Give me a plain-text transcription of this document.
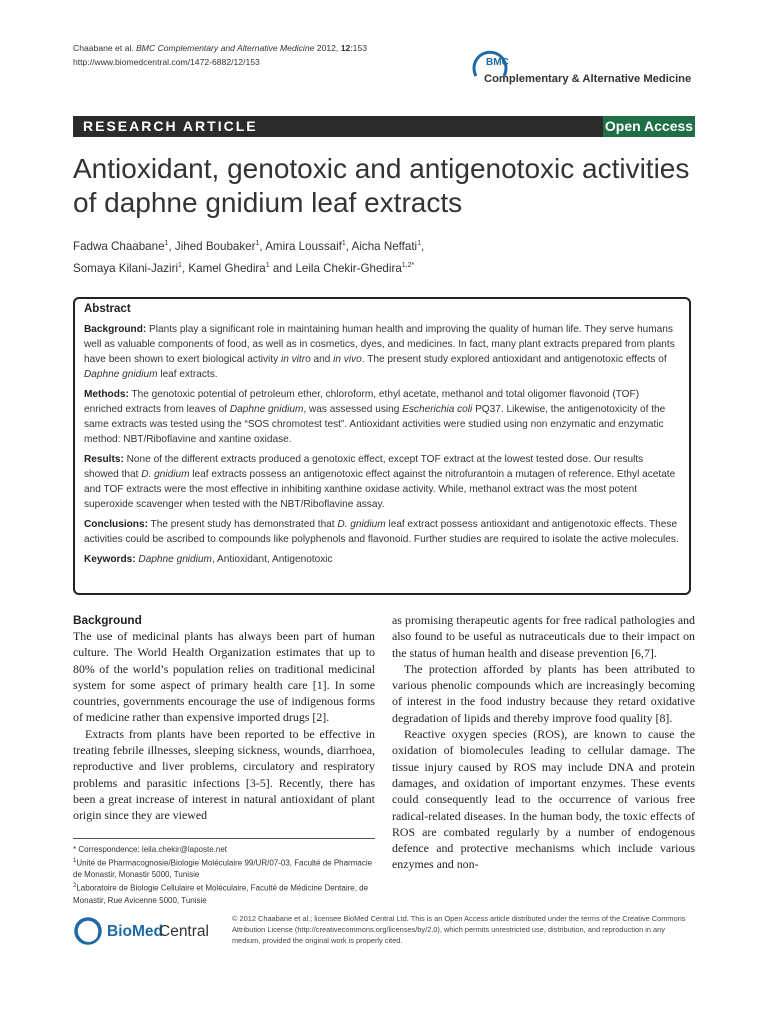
Chaabane et al. BMC Complementary and Alternative Medicine 2012, 12:153
http://www.biomedcentral.com/1472-6882/12/153	BMC
Complementary & Alternative Medicine
RESEARCH ARTICLE	Open Access
Antioxidant, genotoxic and antigenotoxic activities of daphne gnidium leaf extracts
Fadwa Chaabane$^1$, Jihed Boubaker$^1$, Amira Loussaif$^1$, Aicha Neffati$^1$,
Somaya Kilani-Jaziri$^1$, Kamel Ghedira$^1$ and Leila Chekir-Ghedira$^{1,2*}$
Abstract

Background: Plants play a significant role in maintaining human health and improving the quality of human life. They serve humans well as valuable components of food, as well as in cosmetics, dyes, and medicines. In fact, many plant extracts prepared from plants have been shown to exert biological activity in vitro and in vivo. The present study explored antioxidant and antigenotoxic effects of Daphne gnidium leaf extracts.

Methods: The genotoxic potential of petroleum ether, chloroform, ethyl acetate, methanol and total oligomer flavonoid (TOF) enriched extracts from leaves of Daphne gnidium, was assessed using Escherichia coli PQ37. Likewise, the antigenotoxicity of the same extracts was tested using the “SOS chromotest test”. Antioxidant activities were studied using non enzymatic and enzymatic method: NBT/Riboflavine and xantine oxidase.

Results: None of the different extracts produced a genotoxic effect, except TOF extract at the lowest tested dose. Our results showed that D. gnidium leaf extracts possess an antigenotoxic effect against the nitrofurantoin a mutagen of reference. Ethyl acetate and TOF extracts were the most effective in inhibiting xanthine oxidase activity. While, methanol extract was the most potent superoxide scavenger when tested with the NBT/Riboflavine assay.

Conclusions: The present study has demonstrated that D. gnidium leaf extract possess antioxidant and antigenotoxic effects. These activities could be ascribed to compounds like polyphenols and flavonoid. Further studies are required to isolate the active molecules.

Keywords: Daphne gnidium, Antioxidant, Antigenotoxic

Background

The use of medicinal plants has always been part of human culture. The World Health Organization estimates that up to 80% of the world’s population relies on traditional medicinal system for some aspect of primary health care [1]. In some countries, governments encourage the use of indigenous forms of medicine rather than expensive imported drugs [2].

Extracts from plants have been reported to be effective in treating febrile illnesses, sleeping sickness, wounds, diarrhoea, reproductive and liver problems, circulatory and respiratory problems and parasitic infections [3-5]. Recently, there has been a great increase of interest in natural antioxidant of plant origin since they are viewed

as promising therapeutic agents for free radical pathologies and also found to be useful as nutraceuticals due to their impact on the status of human health and disease prevention [6,7].

The protection afforded by plants has been attributed to various phenolic compounds which are increasingly becoming of interest in the food industry because they retard oxidative degradation of lipids and thereby improve food quality [8].

Reactive oxygen species (ROS), are known to cause the oxidation of biomolecules leading to cellular damage. The tissue injury caused by ROS may include DNA and protein damages, and oxidation of important enzymes. These events could consequently lead to the occurrence of various free radical-related diseases. In the human body, the toxic effects of ROS are combated regularly by a number of endogenous defence and protective mechanisms which include various enzymes and non-

* Correspondence: leila.chekir@laposte.net

$^1$Unité de Pharmacognosie/Biologie Moléculaire 99/UR/07-03, Faculté de Pharmacie de Monastir, Monastir 5000, Tunisie

$^2$Laboratoire de Biologie Cellulaire et Moléculaire, Faculté de Médicine Dentaire, de Monastir, Rue Avicenne 5000, Tunisie

BioMed
Central
© 2012 Chaabane et al.; licensee BioMed Central Ltd. This is an Open Access article distributed under the terms of the Creative Commons Attribution License (http://creativecommons.org/licenses/by/2.0), which permits unrestricted use, distribution, and reproduction in any medium, provided the original work is properly cited.
